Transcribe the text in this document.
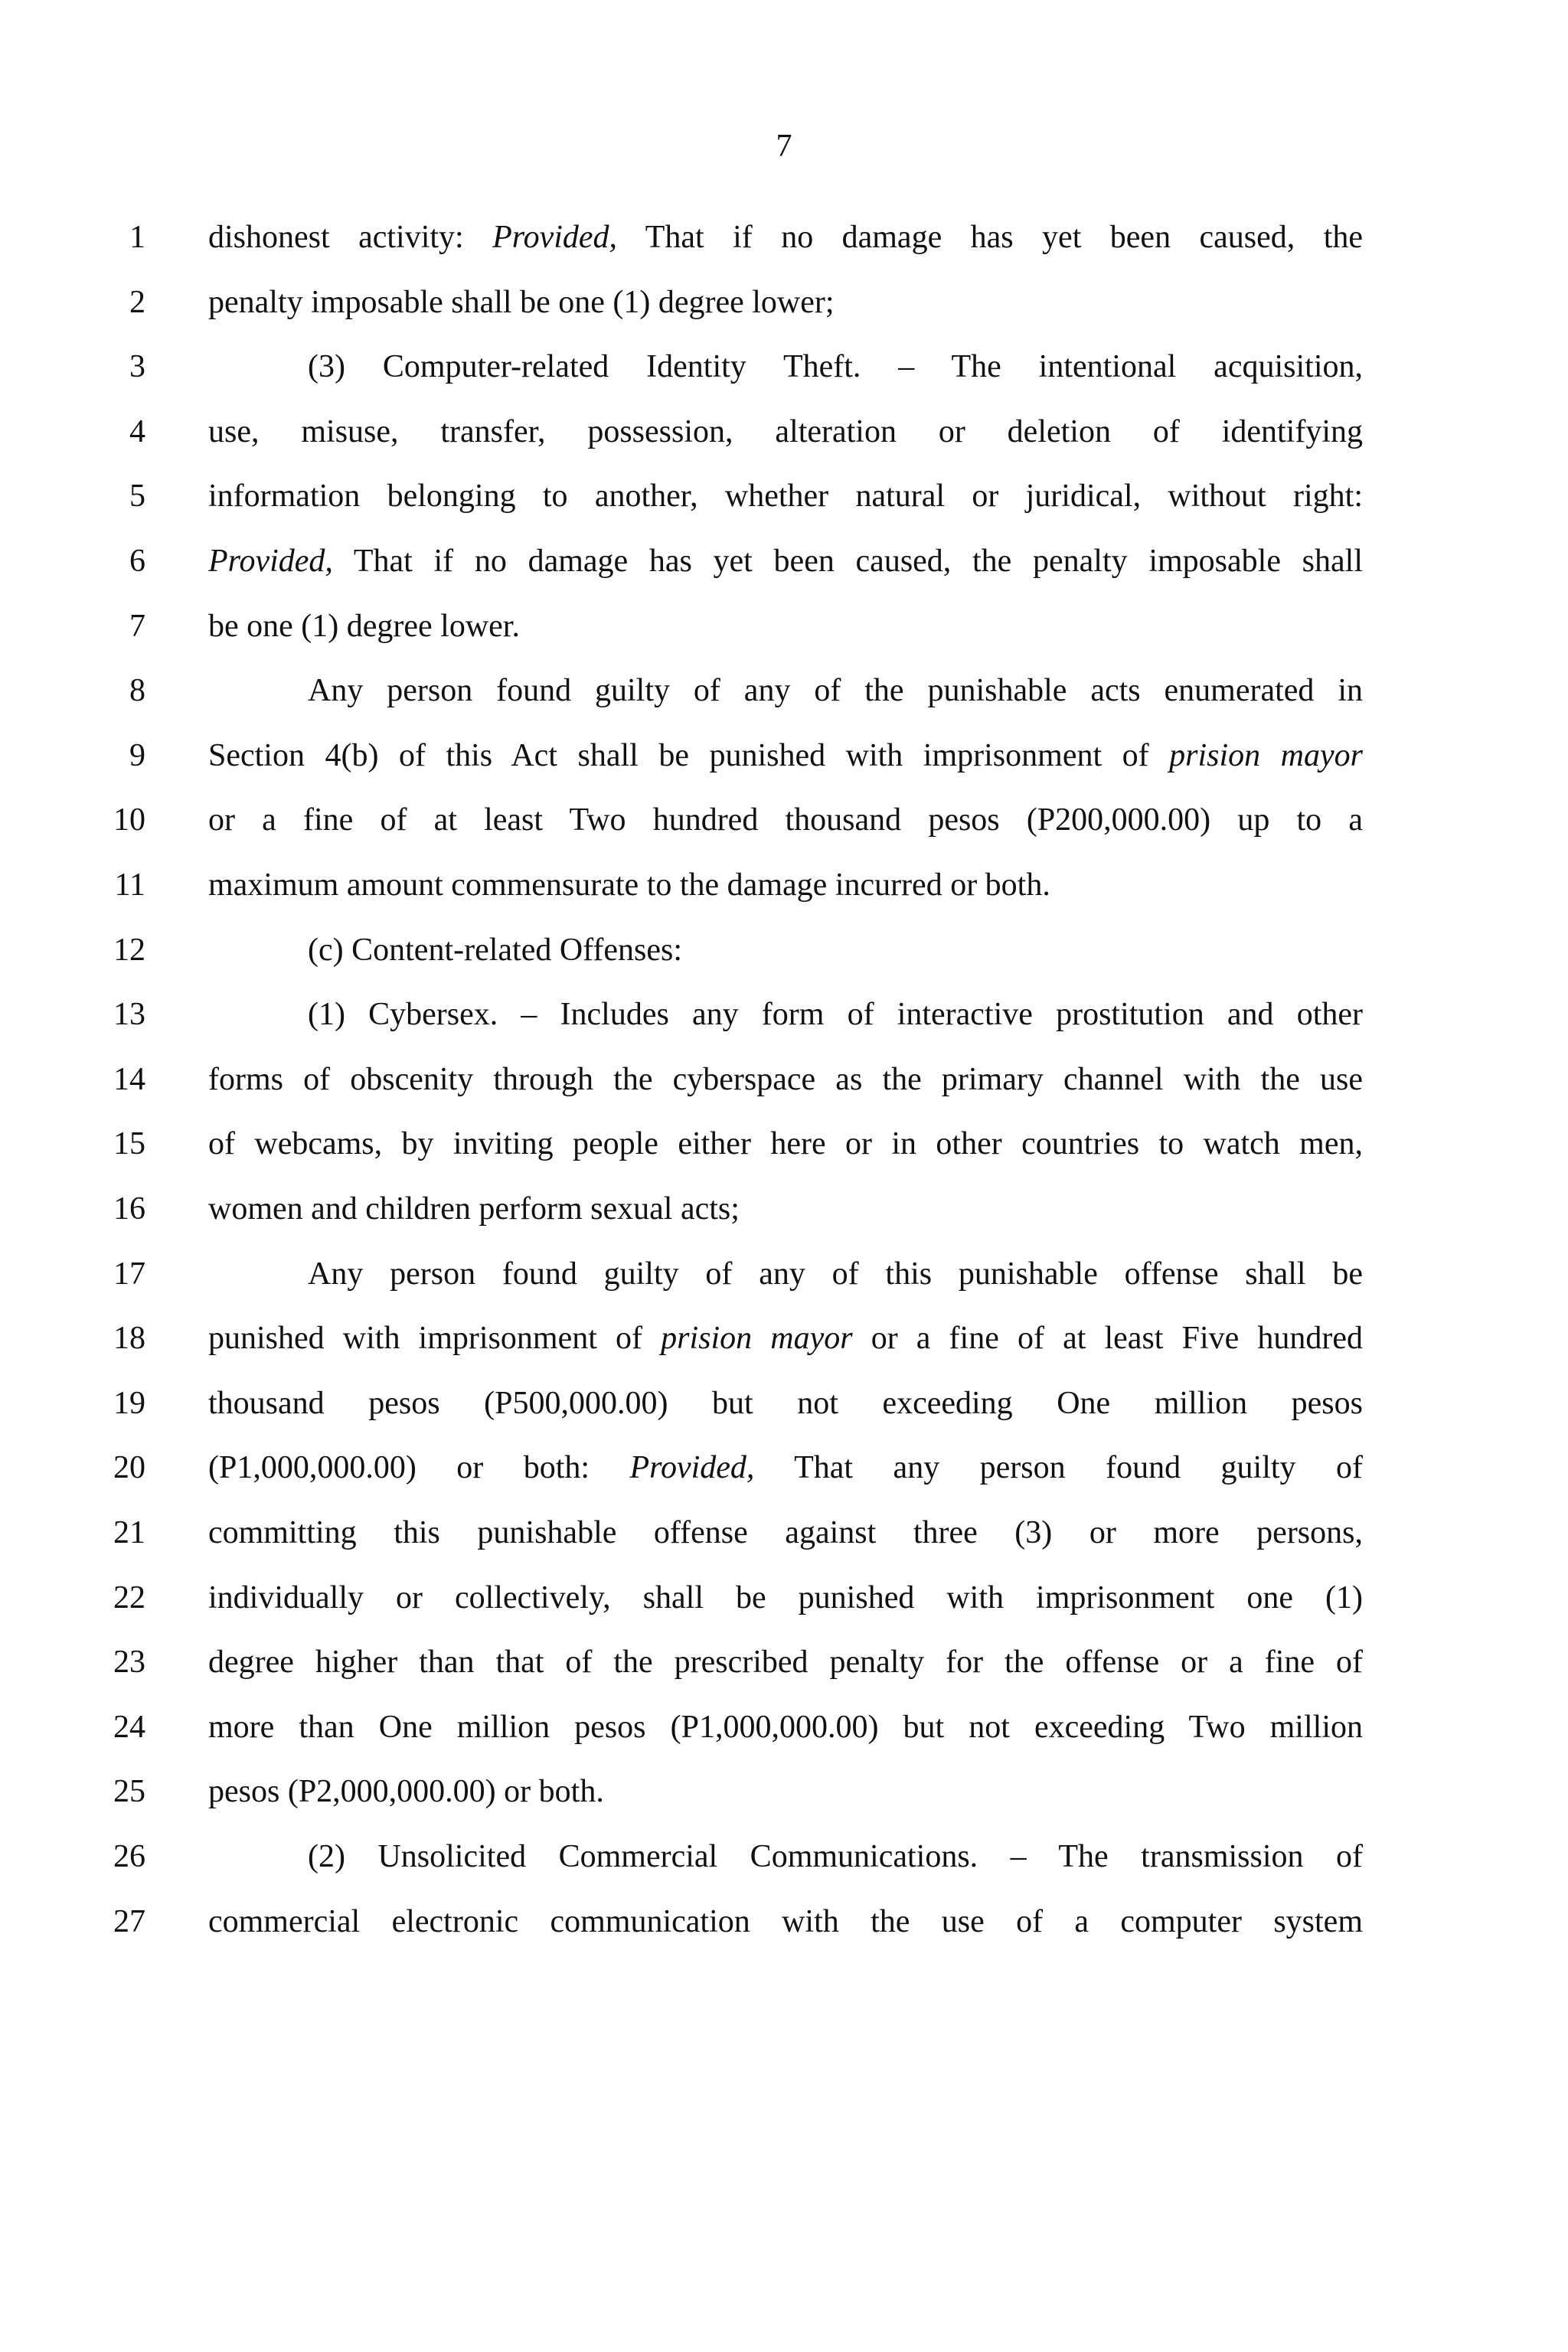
7
1 dishonest activity: Provided, That if no damage has yet been caused, the
2 penalty imposable shall be one (1) degree lower;
3	(3) Computer-related Identity Theft. – The intentional acquisition,
4 use, misuse, transfer, possession, alteration or deletion of identifying
5 information belonging to another, whether natural or juridical, without right:
6 Provided, That if no damage has yet been caused, the penalty imposable shall
7 be one (1) degree lower.
8	Any person found guilty of any of the punishable acts enumerated in
9 Section 4(b) of this Act shall be punished with imprisonment of prision mayor
10 or a fine of at least Two hundred thousand pesos (P200,000.00) up to a
11 maximum amount commensurate to the damage incurred or both.
12	(c) Content-related Offenses:
13	(1) Cybersex. – Includes any form of interactive prostitution and other
14 forms of obscenity through the cyberspace as the primary channel with the use
15 of webcams, by inviting people either here or in other countries to watch men,
16 women and children perform sexual acts;
17	Any person found guilty of any of this punishable offense shall be
18 punished with imprisonment of prision mayor or a fine of at least Five hundred
19 thousand pesos (P500,000.00) but not exceeding One million pesos
20 (P1,000,000.00) or both: Provided, That any person found guilty of
21 committing this punishable offense against three (3) or more persons,
22 individually or collectively, shall be punished with imprisonment one (1)
23 degree higher than that of the prescribed penalty for the offense or a fine of
24 more than One million pesos (P1,000,000.00) but not exceeding Two million
25 pesos (P2,000,000.00) or both.
26	(2) Unsolicited Commercial Communications. – The transmission of
27 commercial electronic communication with the use of a computer system
